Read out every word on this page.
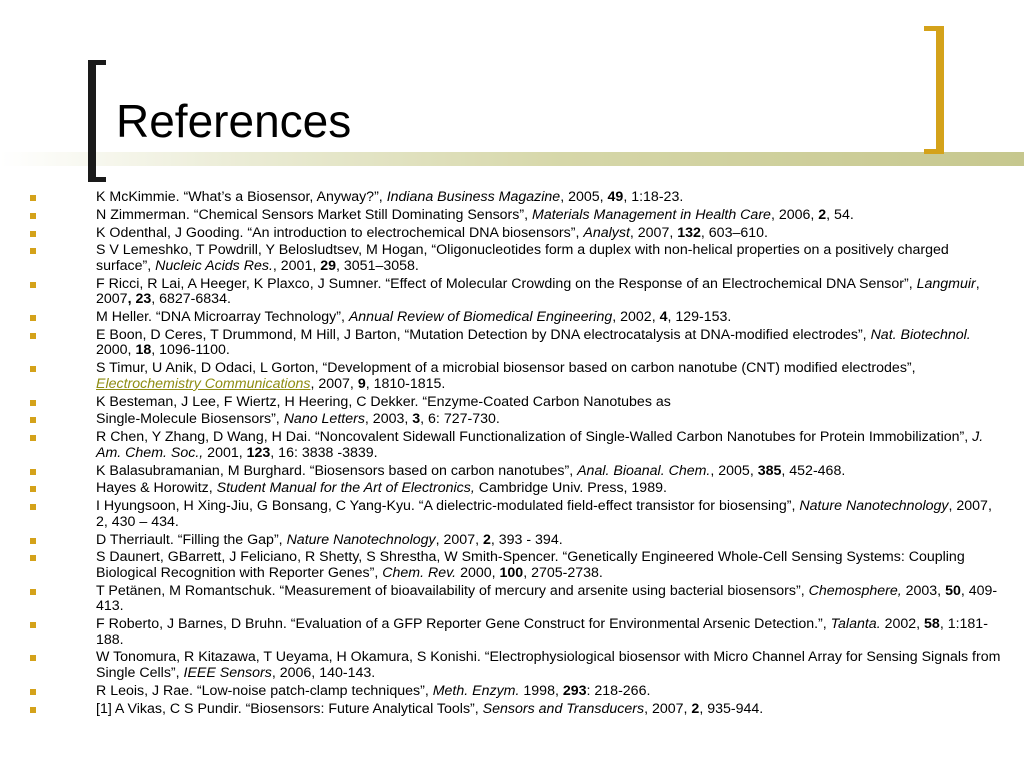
References
K McKimmie. “What’s a Biosensor, Anyway?”, Indiana Business Magazine, 2005, 49, 1:18-23.
N Zimmerman. “Chemical Sensors Market Still Dominating Sensors”, Materials Management in Health Care, 2006, 2, 54.
K Odenthal, J Gooding. “An introduction to electrochemical DNA biosensors”, Analyst, 2007, 132, 603–610.
S V Lemeshko, T Powdrill, Y Belosludtsev, M Hogan, “Oligonucleotides form a duplex with non-helical properties on a positively charged surface”, Nucleic Acids Res., 2001, 29, 3051–3058.
F Ricci, R Lai, A Heeger, K Plaxco, J Sumner. “Effect of Molecular Crowding on the Response of an Electrochemical DNA Sensor”, Langmuir, 2007, 23, 6827-6834.
M Heller. “DNA Microarray Technology”, Annual Review of Biomedical Engineering, 2002, 4, 129-153.
E Boon, D Ceres, T Drummond, M Hill, J Barton, “Mutation Detection by DNA electrocatalysis at DNA-modified electrodes”, Nat. Biotechnol. 2000, 18, 1096-1100.
S Timur, U Anik, D Odaci, L Gorton, “Development of a microbial biosensor based on carbon nanotube (CNT) modified electrodes”, Electrochemistry Communications, 2007, 9, 1810-1815.
K Besteman, J Lee, F Wiertz, H Heering, C Dekker. “Enzyme-Coated Carbon Nanotubes as
Single-Molecule Biosensors”, Nano Letters, 2003, 3, 6: 727-730.
R Chen, Y Zhang, D Wang, H Dai. “Noncovalent Sidewall Functionalization of Single-Walled Carbon Nanotubes for Protein Immobilization”, J. Am. Chem. Soc., 2001, 123, 16: 3838 -3839.
K Balasubramanian, M Burghard. “Biosensors based on carbon nanotubes”, Anal. Bioanal. Chem., 2005, 385, 452-468.
Hayes & Horowitz, Student Manual for the Art of Electronics, Cambridge Univ. Press, 1989.
I Hyungsoon, H Xing-Jiu, G Bonsang, C Yang-Kyu. “A dielectric-modulated field-effect transistor for biosensing”, Nature Nanotechnology, 2007, 2, 430 – 434.
D Therriault. “Filling the Gap”, Nature Nanotechnology, 2007, 2, 393 - 394.
S Daunert, GBarrett, J Feliciano, R Shetty, S Shrestha, W Smith-Spencer. “Genetically Engineered Whole-Cell Sensing Systems: Coupling Biological Recognition with Reporter Genes”, Chem. Rev. 2000, 100, 2705-2738.
T Petänen, M Romantschuk. “Measurement of bioavailability of mercury and arsenite using bacterial biosensors”, Chemosphere, 2003, 50, 409-413.
F Roberto, J Barnes, D Bruhn. “Evaluation of a GFP Reporter Gene Construct for Environmental Arsenic Detection.”, Talanta. 2002, 58, 1:181-188.
W Tonomura, R Kitazawa, T Ueyama, H Okamura, S Konishi. “Electrophysiological biosensor with Micro Channel Array for Sensing Signals from Single Cells”, IEEE Sensors, 2006, 140-143.
R Leois, J Rae. “Low-noise patch-clamp techniques”, Meth. Enzym. 1998, 293: 218-266.
[1] A Vikas, C S Pundir. “Biosensors: Future Analytical Tools”, Sensors and Transducers, 2007, 2, 935-944.
